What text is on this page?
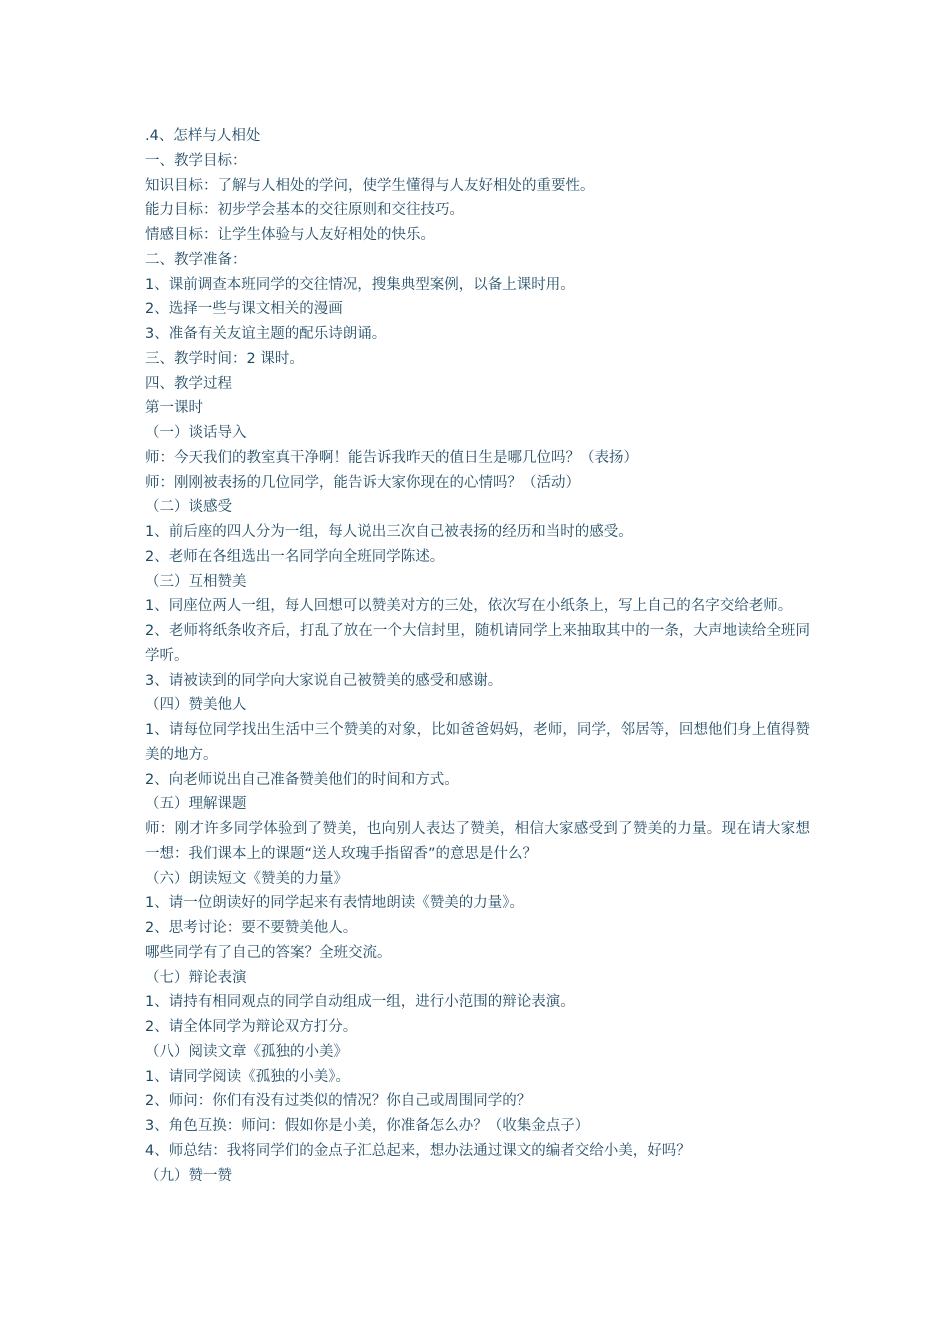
.4、怎样与人相处
一、教学目标：
知识目标：了解与人相处的学问，使学生懂得与人友好相处的重要性。
能力目标：初步学会基本的交往原则和交往技巧。
情感目标：让学生体验与人友好相处的快乐。
二、教学准备：
1、课前调查本班同学的交往情况，搜集典型案例，以备上课时用。
2、选择一些与课文相关的漫画
3、准备有关友谊主题的配乐诗朗诵。
三、教学时间：2 课时。
四、教学过程
第一课时
（一）谈话导入
师：今天我们的教室真干净啊！能告诉我昨天的值日生是哪几位吗？（表扬）
师：刚刚被表扬的几位同学，能告诉大家你现在的心情吗？（活动）
（二）谈感受
1、前后座的四人分为一组，每人说出三次自己被表扬的经历和当时的感受。
2、老师在各组选出一名同学向全班同学陈述。
（三）互相赞美
1、同座位两人一组，每人回想可以赞美对方的三处，依次写在小纸条上，写上自己的名字交给老师。
2、老师将纸条收齐后，打乱了放在一个大信封里，随机请同学上来抽取其中的一条，大声地读给全班同学听。
3、请被读到的同学向大家说自己被赞美的感受和感谢。
（四）赞美他人
1、请每位同学找出生活中三个赞美的对象，比如爸爸妈妈，老师，同学，邻居等，回想他们身上值得赞美的地方。
2、向老师说出自己准备赞美他们的时间和方式。
（五）理解课题
师：刚才许多同学体验到了赞美，也向别人表达了赞美，相信大家感受到了赞美的力量。现在请大家想一想：我们课本上的课题“送人玫瑰手指留香”的意思是什么？
（六）朗读短文《赞美的力量》
1、请一位朗读好的同学起来有表情地朗读《赞美的力量》。
2、思考讨论：要不要赞美他人。
哪些同学有了自己的答案？全班交流。
（七）辩论表演
1、请持有相同观点的同学自动组成一组，进行小范围的辩论表演。
2、请全体同学为辩论双方打分。
（八）阅读文章《孤独的小美》
1、请同学阅读《孤独的小美》。
2、师问：你们有没有过类似的情况？你自己或周围同学的？
3、角色互换：师问：假如你是小美，你准备怎么办？（收集金点子）
4、师总结：我将同学们的金点子汇总起来，想办法通过课文的编者交给小美，好吗？
（九）赞一赞
